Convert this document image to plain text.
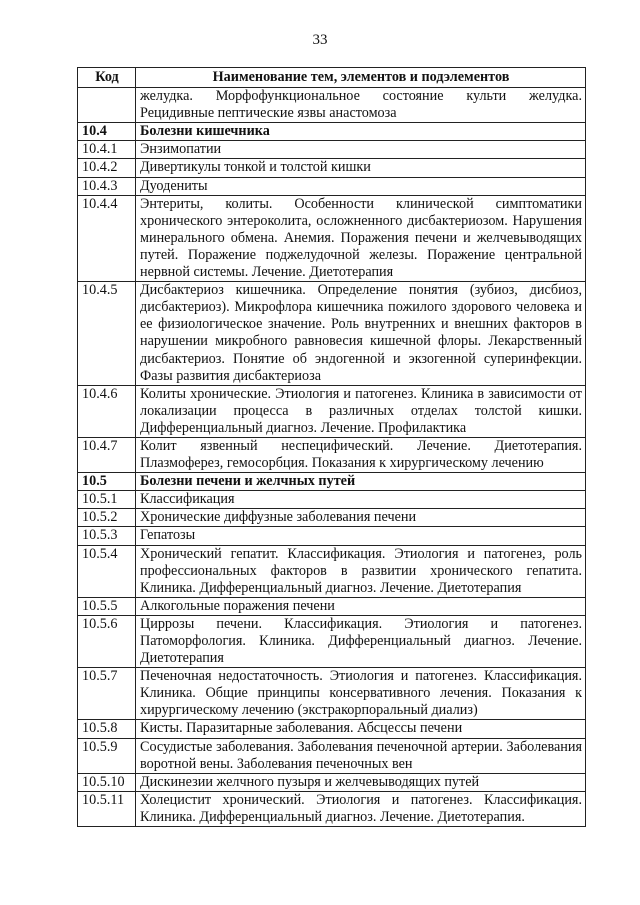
33
Код	Наименование тем, элементов и подэлементов
	желудка. Морфофункциональное состояние культи желудка. Рецидивные пептические язвы анастомоза
10.4	Болезни кишечника
10.4.1	Энзимопатии
10.4.2	Дивертикулы тонкой и толстой кишки
10.4.3	Дуодениты
10.4.4	Энтериты, колиты. Особенности клинической симптоматики хронического энтероколита, осложненного дисбактериозом. Нарушения минерального обмена. Анемия. Поражения печени и желчевыводящих путей. Поражение поджелудочной железы. Поражение центральной нервной системы. Лечение. Диетотерапия
10.4.5	Дисбактериоз кишечника. Определение понятия (зубиоз, дисбиоз, дисбактериоз). Микрофлора кишечника пожилого здорового человека и ее физиологическое значение. Роль внутренних и внешних факторов в нарушении микробного равновесия кишечной флоры. Лекарственный дисбактериоз. Понятие об эндогенной и экзогенной суперинфекции. Фазы развития дисбактериоза
10.4.6	Колиты хронические. Этиология и патогенез. Клиника в зависимости от локализации процесса в различных отделах толстой кишки. Дифференциальный диагноз. Лечение. Профилактика
10.4.7	Колит язвенный неспецифический. Лечение. Диетотерапия. Плазмоферез, гемосорбция. Показания к хирургическому лечению
10.5	Болезни печени и желчных путей
10.5.1	Классификация
10.5.2	Хронические диффузные заболевания печени
10.5.3	Гепатозы
10.5.4	Хронический гепатит. Классификация. Этиология и патогенез, роль профессиональных факторов в развитии хронического гепатита. Клиника. Дифференциальный диагноз. Лечение. Диетотерапия
10.5.5	Алкогольные поражения печени
10.5.6	Циррозы печени. Классификация. Этиология и патогенез. Патоморфология. Клиника. Дифференциальный диагноз. Лечение. Диетотерапия
10.5.7	Печеночная недостаточность. Этиология и патогенез. Классификация. Клиника. Общие принципы консервативного лечения. Показания к хирургическому лечению (экстракорпоральный диализ)
10.5.8	Кисты. Паразитарные заболевания. Абсцессы печени
10.5.9	Сосудистые заболевания. Заболевания печеночной артерии. Заболевания воротной вены. Заболевания печеночных вен
10.5.10	Дискинезии желчного пузыря и желчевыводящих путей
10.5.11	Холецистит хронический. Этиология и патогенез. Классификация. Клиника. Дифференциальный диагноз. Лечение. Диетотерапия.
